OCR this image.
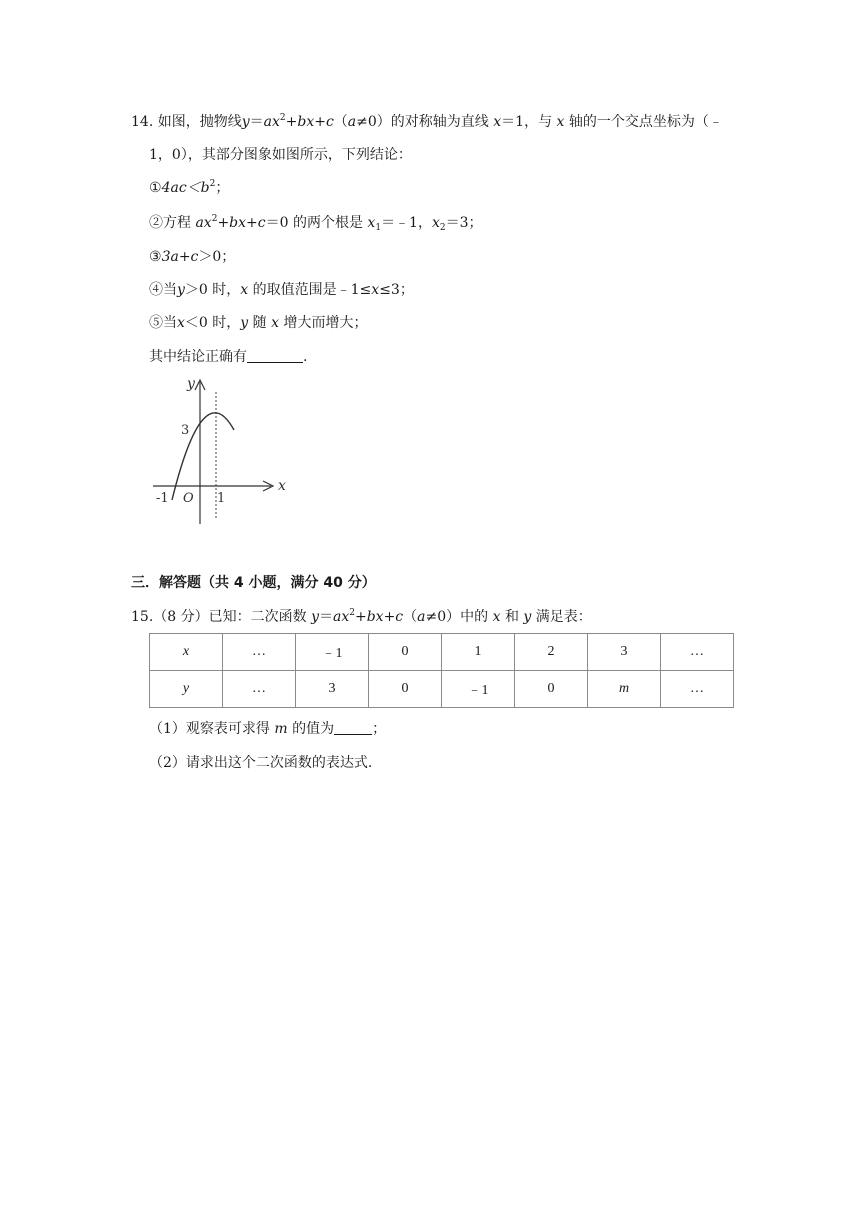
14. 如图，抛物线$y=ax^2+bx+c(a\ne 0)$的对称轴为直线 x＝1，与 x 轴的一个交点坐标为（﹣
1，0），其部分图象如图所示，下列结论：
$①4ac<b^2$；
②方程 $ax^2+bx+c=0$ 的两个根是 $x_1=﹣1$，$x_2=3$；
③3a+c＞0；
④当y＞0 时，x 的取值范围是﹣1≤x≤3；
⑤当x＜0 时，y 随 x 增大而增大；
其中结论正确有	.
y
x
3
-1 O 1
三．解答题（共 4 小题，满分 40 分）
15.（8 分）已知：二次函数 $y=ax^2+bx+c(a\ne 0)$中的 x 和 y 满足表：
x	…	﹣1	0	1	2	3	…
y	…	3	0	﹣1	0	m	…
（1）观察表可求得 m 的值为	；
（2）请求出这个二次函数的表达式.
